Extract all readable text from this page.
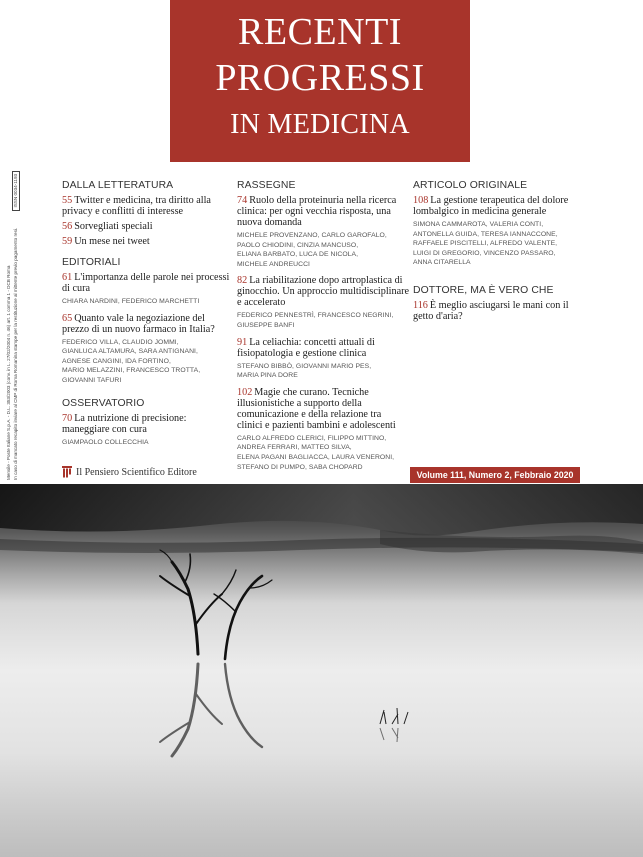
RECENTI
PROGRESSI
IN MEDICINA
Mensile - Poste Italiane S.p.A. - D.L. 353/2003 (conv. in L. 27/02/2004 n. 46) art. 1 comma 1 - DCB Roma In caso di mancato recapito inviare al CMP di Roma Romanina stampe per la restituzione al mittente previo pagamento resi. ISSN 0034-1193	DALLA LETTERATURA
55 Twitter e medicina, tra diritto alla privacy e conflitti di interesse
56 Sorvegliati speciali
59 Un mese nei tweet
EDITORIALI
61 L'importanza delle parole nei processi di cura
CHIARA NARDINI, FEDERICO MARCHETTI
65 Quanto vale la negoziazione del prezzo di un nuovo farmaco in Italia?
FEDERICO VILLA, CLAUDIO JOMMI,
GIANLUCA ALTAMURA, SARA ANTIGNANI,
AGNESE CANGINI, IDA FORTINO,
MARIO MELAZZINI, FRANCESCO TROTTA,
GIOVANNI TAFURI
OSSERVATORIO
70 La nutrizione di precisione: maneggiare con cura
GIAMPAOLO COLLECCHIA
RASSEGNE
74 Ruolo della proteinuria nella ricerca clinica: per ogni vecchia risposta, una nuova domanda
MICHELE PROVENZANO, CARLO GAROFALO,
PAOLO CHIODINI, CINZIA MANCUSO,
ELIANA BARBATO, LUCA DE NICOLA,
MICHELE ANDREUCCI
82 La riabilitazione dopo artroplastica di ginocchio. Un approccio multidisciplinare e accelerato
FEDERICO PENNESTRÌ, FRANCESCO NEGRINI,
GIUSEPPE BANFI
91 La celiachia: concetti attuali di fisiopatologia e gestione clinica
STEFANO BIBBÒ, GIOVANNI MARIO PES,
MARIA PINA DORE
102 Magie che curano. Tecniche illusionistiche a supporto della comunicazione e della relazione tra clinici e pazienti bambini e adolescenti
CARLO ALFREDO CLERICI, FILIPPO MITTINO,
ANDREA FERRARI, MATTEO SILVA,
ELENA PAGANI BAGLIACCA, LAURA VENERONI,
STEFANO DI PUMPO, SABA CHOPARD
ARTICOLO ORIGINALE
108 La gestione terapeutica del dolore lombalgico in medicina generale
SIMONA CAMMAROTA, VALERIA CONTI,
ANTONELLA GUIDA, TERESA IANNACCONE,
RAFFAELE PISCITELLI, ALFREDO VALENTE,
LUIGI DI GREGORIO, VINCENZO PASSARO,
ANNA CITARELLA
DOTTORE, MA È VERO CHE
116 È meglio asciugarsi le mani con il getto d'aria?
Il Pensiero Scientifico Editore	Volume 111, Numero 2, Febbraio 2020
